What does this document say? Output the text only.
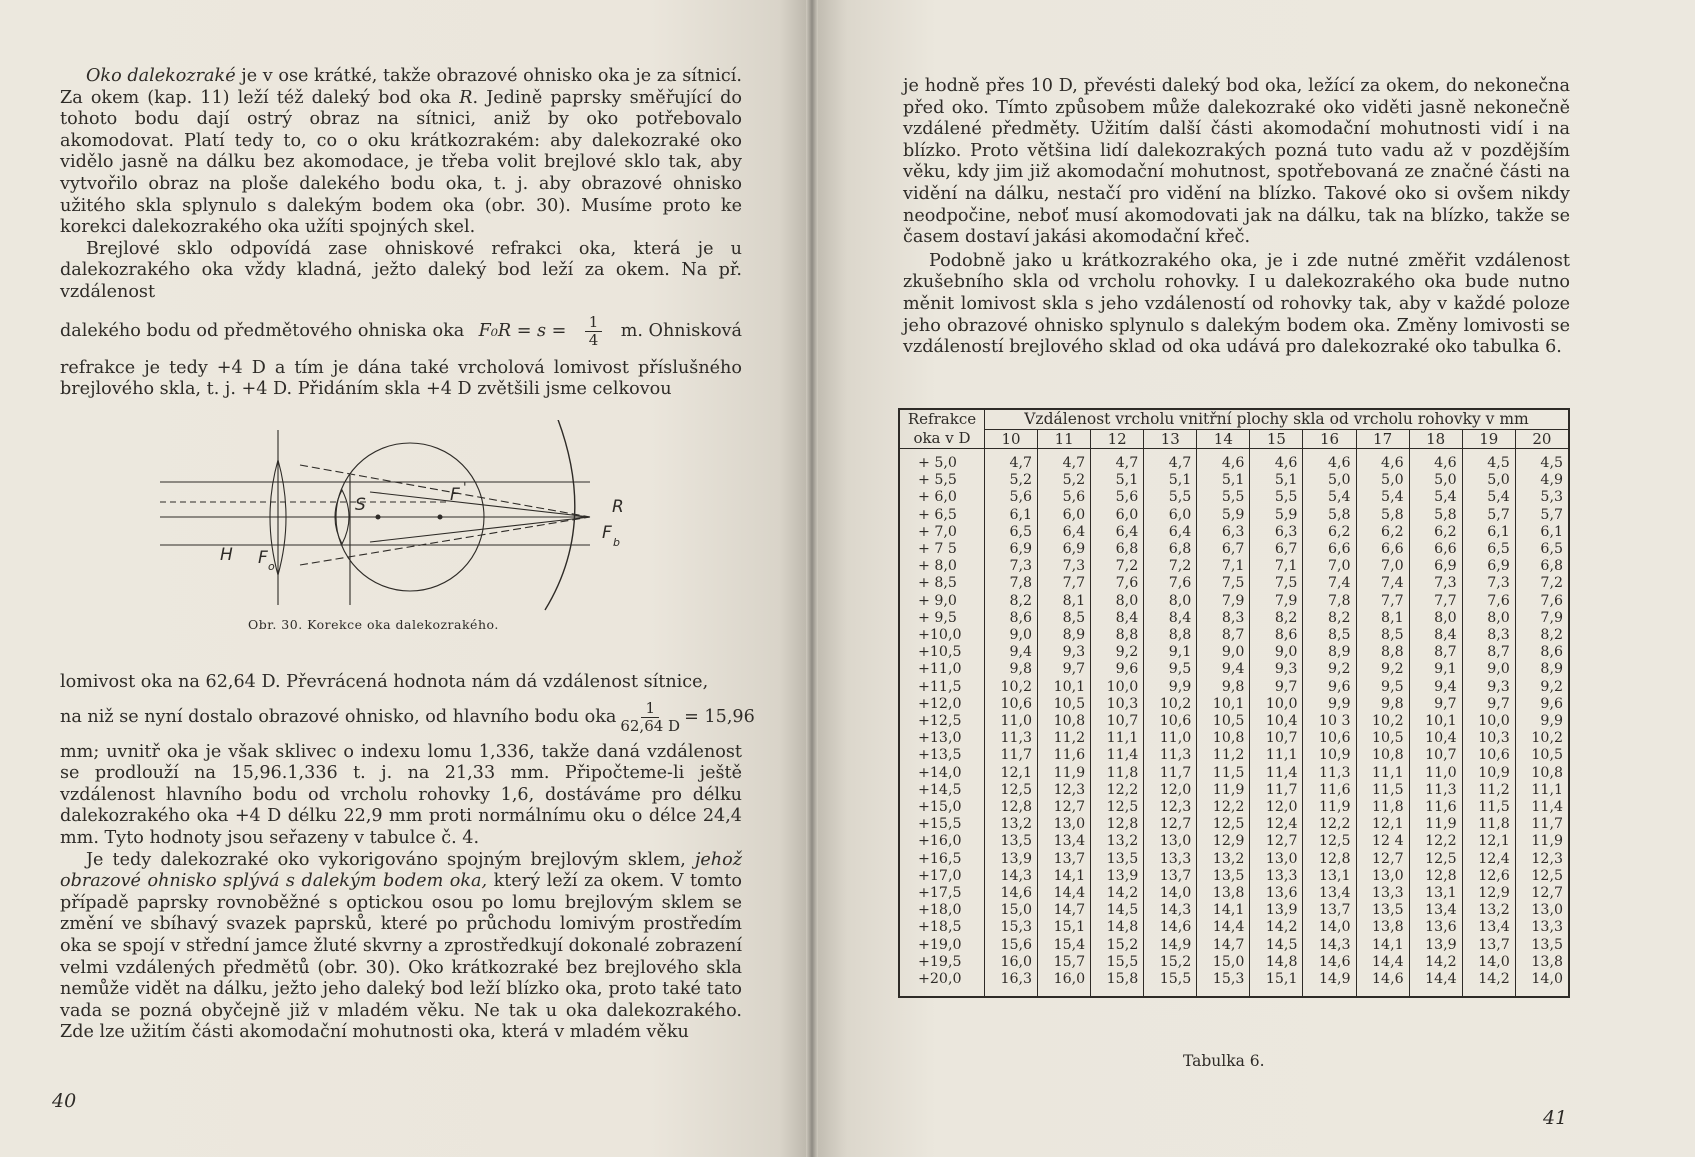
Oko dalekozraké je v ose krátké, takže obrazové ohnisko oka je za sítnicí. Za okem (kap. 11) leží též daleký bod oka R. Jedině paprsky směřující do tohoto bodu dají ostrý obraz na sítnici, aniž by oko potřebovalo akomodovat. Platí tedy to, co o oku krátkozrakém: aby dalekozraké oko vidělo jasně na dálku bez akomodace, je třeba volit brejlové sklo tak, aby vytvořilo obraz na ploše dalekého bodu oka, t. j. aby obrazové ohnisko užitého skla splynulo s dalekým bodem oka (obr. 30). Musíme proto ke korekci dalekozrakého oka užíti spojných skel.

Brejlové sklo odpovídá zase ohniskové refrakci oka, která je u dalekozrakého oka vždy kladná, ježto daleký bod leží za okem. Na př. vzdálenost

dalekého bodu od předmětového ohniska oka $F_0R = s = \frac{1}{4} m$. Ohnisková

refrakce je tedy +4 D a tím je dána také vrcholová lomivost příslušného brejlového skla, t. j. +4 D. Přidáním skla +4 D zvětšili jsme celkovou

H F o
S	F '
R
F b
Obr. 30. Korekce oka dalekozrakého.

lomivost oka na 62,64 D. Převrácená hodnota nám dá vzdálenost sítnice,

na niž se nyní dostalo obrazové ohnisko, od hlavního bodu oka $\frac{1}{62,64 D} = 15,96$

mm; uvnitř oka je však sklivec o indexu lomu 1,336, takže daná vzdálenost se prodlouží na 15,96.1,336 t. j. na 21,33 mm. Připočteme-li ještě vzdálenost hlavního bodu od vrcholu rohovky 1,6, dostáváme pro délku dalekozrakého oka +4 D délku 22,9 mm proti normálnímu oku o délce 24,4 mm. Tyto hodnoty jsou seřazeny v tabulce č. 4.

Je tedy dalekozraké oko vykorigováno spojným brejlovým sklem, jehož obrazové ohnisko splývá s dalekým bodem oka, který leží za okem. V tomto případě paprsky rovnoběžné s optickou osou po lomu brejlovým sklem se změní ve sbíhavý svazek paprsků, které po průchodu lomivým prostředím oka se spojí v střední jamce žluté skvrny a zprostředkují dokonalé zobrazení velmi vzdálených předmětů (obr. 30). Oko krátkozraké bez brejlového skla nemůže vidět na dálku, ježto jeho daleký bod leží blízko oka, proto také tato vada se pozná obyčejně již v mladém věku. Ne tak u oka dalekozrakého. Zde lze užitím části akomodační mohutnosti oka, která v mladém věku

40

je hodně přes 10 D, převésti daleký bod oka, ležící za okem, do nekonečna před oko. Tímto způsobem může dalekozraké oko viděti jasně nekonečně vzdálené předměty. Užitím další části akomodační mohutnosti vidí i na blízko. Proto většina lidí dalekozrakých pozná tuto vadu až v pozdějším věku, kdy jim již akomodační mohutnost, spotřebovaná ze značné části na vidění na dálku, nestačí pro vidění na blízko. Takové oko si ovšem nikdy neodpočine, neboť musí akomodovati jak na dálku, tak na blízko, takže se časem dostaví jakási akomodační křeč.

Podobně jako u krátkozrakého oka, je i zde nutné změřit vzdálenost zkušebního skla od vrcholu rohovky. I u dalekozrakého oka bude nutno měnit lomivost skla s jeho vzdáleností od rohovky tak, aby v každé poloze jeho obrazové ohnisko splynulo s dalekým bodem oka. Změny lomivosti se vzdáleností brejlového sklad od oka udává pro dalekozraké oko tabulka 6.

Refrakce oka v D	Vzdálenost vrcholu vnitřní plochy skla od vrcholu rohovky v mm										
	10	11	12	13	14	15	16	17	18	19	20
+ 5,0	4,7	4,7	4,7	4,7	4,6	4,6	4,6	4,6	4,6	4,5	4,5
+ 5,5	5,2	5,2	5,1	5,1	5,1	5,1	5,0	5,0	5,0	5,0	4,9
+ 6,0	5,6	5,6	5,6	5,5	5,5	5,5	5,4	5,4	5,4	5,4	5,3
+ 6,5	6,1	6,0	6,0	6,0	5,9	5,9	5,8	5,8	5,8	5,7	5,7
+ 7,0	6,5	6,4	6,4	6,4	6,3	6,3	6,2	6,2	6,2	6,1	6,1
+ 7 5	6,9	6,9	6,8	6,8	6,7	6,7	6,6	6,6	6,6	6,5	6,5
+ 8,0	7,3	7,3	7,2	7,2	7,1	7,1	7,0	7,0	6,9	6,9	6,8
+ 8,5	7,8	7,7	7,6	7,6	7,5	7,5	7,4	7,4	7,3	7,3	7,2
+ 9,0	8,2	8,1	8,0	8,0	7,9	7,9	7,8	7,7	7,7	7,6	7,6
+ 9,5	8,6	8,5	8,4	8,4	8,3	8,2	8,2	8,1	8,0	8,0	7,9
+10,0	9,0	8,9	8,8	8,8	8,7	8,6	8,5	8,5	8,4	8,3	8,2
+10,5	9,4	9,3	9,2	9,1	9,0	9,0	8,9	8,8	8,7	8,7	8,6
+11,0	9,8	9,7	9,6	9,5	9,4	9,3	9,2	9,2	9,1	9,0	8,9
+11,5	10,2	10,1	10,0	9,9	9,8	9,7	9,6	9,5	9,4	9,3	9,2
+12,0	10,6	10,5	10,3	10,2	10,1	10,0	9,9	9,8	9,7	9,7	9,6
+12,5	11,0	10,8	10,7	10,6	10,5	10,4	10 3	10,2	10,1	10,0	9,9
+13,0	11,3	11,2	11,1	11,0	10,8	10,7	10,6	10,5	10,4	10,3	10,2
+13,5	11,7	11,6	11,4	11,3	11,2	11,1	10,9	10,8	10,7	10,6	10,5
+14,0	12,1	11,9	11,8	11,7	11,5	11,4	11,3	11,1	11,0	10,9	10,8
+14,5	12,5	12,3	12,2	12,0	11,9	11,7	11,6	11,5	11,3	11,2	11,1
+15,0	12,8	12,7	12,5	12,3	12,2	12,0	11,9	11,8	11,6	11,5	11,4
+15,5	13,2	13,0	12,8	12,7	12,5	12,4	12,2	12,1	11,9	11,8	11,7
+16,0	13,5	13,4	13,2	13,0	12,9	12,7	12,5	12 4	12,2	12,1	11,9
+16,5	13,9	13,7	13,5	13,3	13,2	13,0	12,8	12,7	12,5	12,4	12,3
+17,0	14,3	14,1	13,9	13,7	13,5	13,3	13,1	13,0	12,8	12,6	12,5
+17,5	14,6	14,4	14,2	14,0	13,8	13,6	13,4	13,3	13,1	12,9	12,7
+18,0	15,0	14,7	14,5	14,3	14,1	13,9	13,7	13,5	13,4	13,2	13,0
+18,5	15,3	15,1	14,8	14,6	14,4	14,2	14,0	13,8	13,6	13,4	13,3
+19,0	15,6	15,4	15,2	14,9	14,7	14,5	14,3	14,1	13,9	13,7	13,5
+19,5	16,0	15,7	15,5	15,2	15,0	14,8	14,6	14,4	14,2	14,0	13,8
+20,0	16,3	16,0	15,8	15,5	15,3	15,1	14,9	14,6	14,4	14,2	14,0
Tabulka 6.
41
